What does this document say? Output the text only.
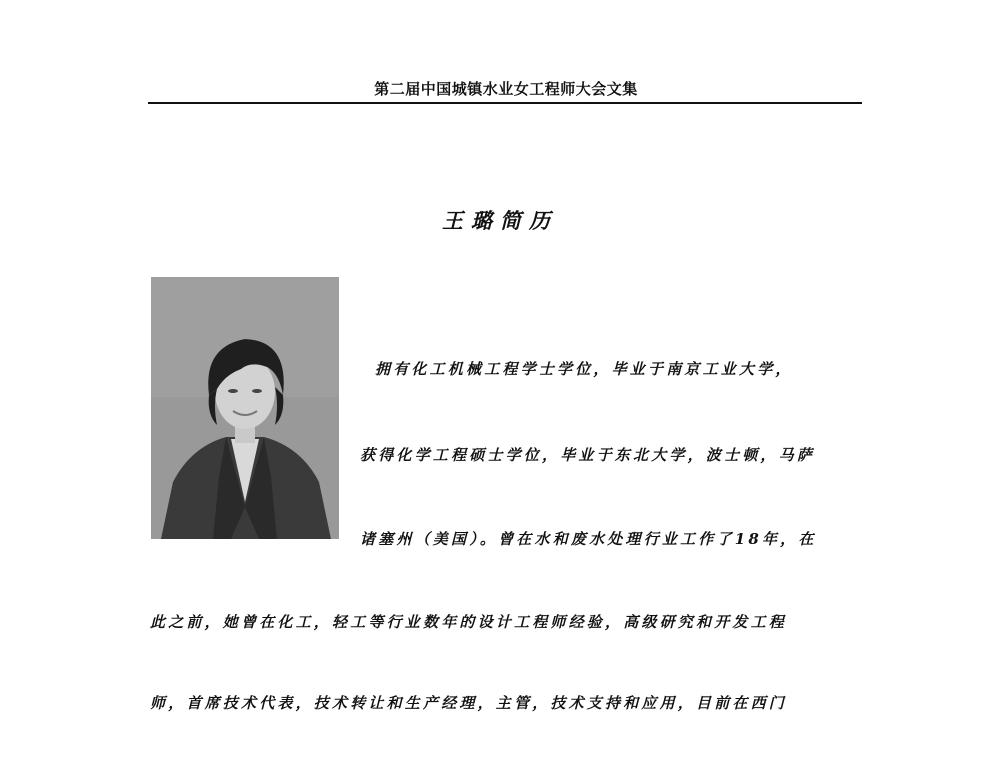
第二届中国城镇水业女工程师大会文集
王璐简历
拥有化工机械工程学士学位，毕业于南京工业大学，
获得化学工程硕士学位，毕业于东北大学，波士顿，马萨
诸塞州（美国）。曾在水和废水处理行业工作了18年，在
此之前，她曾在化工，轻工等行业数年的设计工程师经验，高级研究和开发工程
师，首席技术代表，技术转让和生产经理，主管，技术支持和应用，目前在西门
